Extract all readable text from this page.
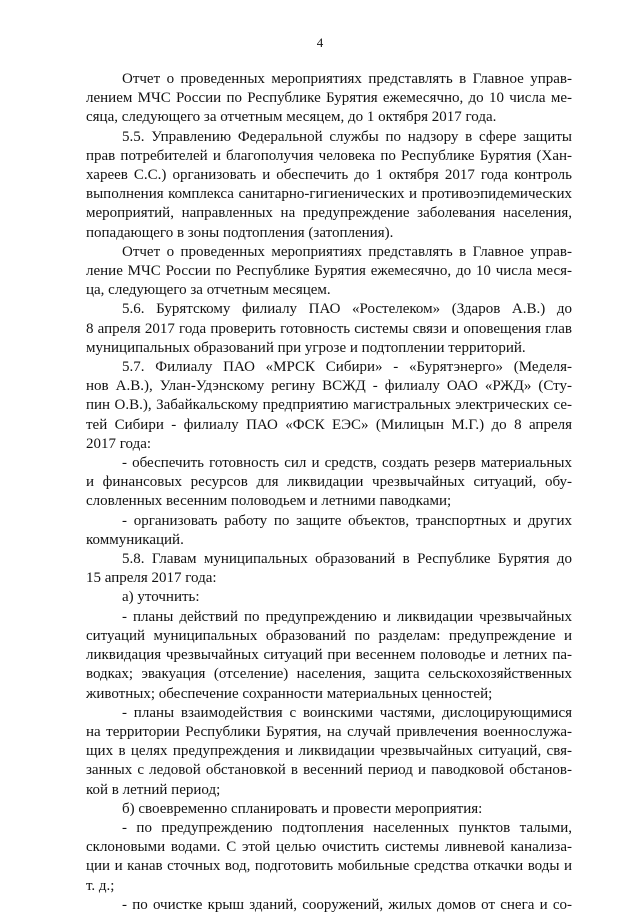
4
Отчет о проведенных мероприятиях представлять в Главное управ-
лением МЧС России по Республике Бурятия ежемесячно, до 10 числа ме-
сяца, следующего за отчетным месяцем, до 1 октября 2017 года.
5.5. Управлению Федеральной службы по надзору в сфере защиты
прав потребителей и благополучия человека по Республике Бурятия (Хан-
хареев С.С.) организовать и обеспечить до 1 октября 2017 года контроль
выполнения комплекса санитарно-гигиенических и противоэпидемических
мероприятий, направленных на предупреждение заболевания населения,
попадающего в зоны подтопления (затопления).
Отчет о проведенных мероприятиях представлять в Главное управ-
ление МЧС России по Республике Бурятия ежемесячно, до 10 числа меся-
ца, следующего за отчетным месяцем.
5.6. Бурятскому филиалу ПАО «Ростелеком» (Здаров А.В.) до
8 апреля 2017 года проверить готовность системы связи и оповещения глав
муниципальных образований при угрозе и подтоплении территорий.
5.7. Филиалу ПАО «МРСК Сибири» - «Бурятэнерго» (Меделя-
нов А.В.), Улан-Удэнскому регину ВСЖД - филиалу ОАО «РЖД» (Сту-
пин О.В.), Забайкальскому предприятию магистральных электрических се-
тей Сибири - филиалу ПАО «ФСК ЕЭС» (Милицын М.Г.) до 8 апреля
2017 года:
- обеспечить готовность сил и средств, создать резерв материальных
и финансовых ресурсов для ликвидации чрезвычайных ситуаций, обу-
словленных весенним половодьем и летними паводками;
- организовать работу по защите объектов, транспортных и других
коммуникаций.
5.8. Главам муниципальных образований в Республике Бурятия до
15 апреля 2017 года:
а) уточнить:
- планы действий по предупреждению и ликвидации чрезвычайных
ситуаций муниципальных образований по разделам: предупреждение и
ликвидация чрезвычайных ситуаций при весеннем половодье и летних па-
водках; эвакуация (отселение) населения, защита сельскохозяйственных
животных; обеспечение сохранности материальных ценностей;
- планы взаимодействия с воинскими частями, дислоцирующимися
на территории Республики Бурятия, на случай привлечения военнослужа-
щих в целях предупреждения и ликвидации чрезвычайных ситуаций, свя-
занных с ледовой обстановкой в весенний период и паводковой обстанов-
кой в летний период;
б) своевременно спланировать и провести мероприятия:
- по предупреждению подтопления населенных пунктов талыми,
склоновыми водами. С этой целью очистить системы ливневой канализа-
ции и канав сточных вод, подготовить мобильные средства откачки воды и
т. д.;
- по очистке крыш зданий, сооружений, жилых домов от снега и со-
